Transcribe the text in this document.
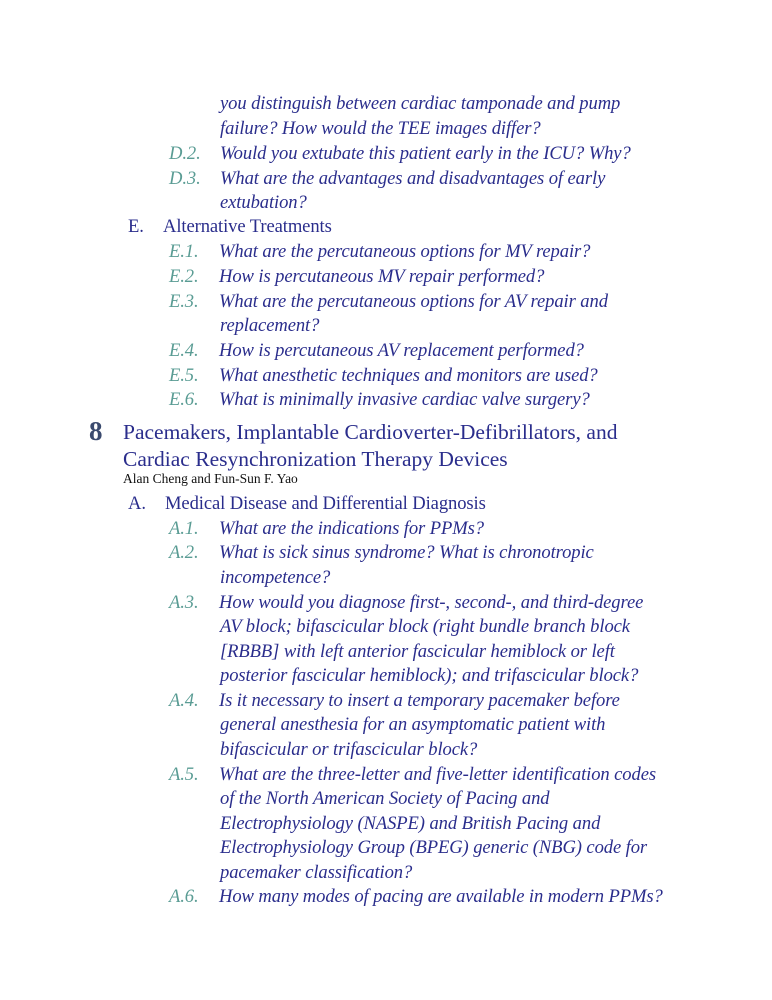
you distinguish between cardiac tamponade and pump
failure? How would the TEE images differ?
D.2. Would you extubate this patient early in the ICU? Why?
D.3. What are the advantages and disadvantages of early
extubation?
E. Alternative Treatments
E.1. What are the percutaneous options for MV repair?
E.2. How is percutaneous MV repair performed?
E.3. What are the percutaneous options for AV repair and
replacement?
E.4. How is percutaneous AV replacement performed?
E.5. What anesthetic techniques and monitors are used?
E.6. What is minimally invasive cardiac valve surgery?
8 Pacemakers, Implantable Cardioverter-Defibrillators, and
Cardiac Resynchronization Therapy Devices
Alan Cheng and Fun-Sun F. Yao
A. Medical Disease and Differential Diagnosis
A.1. What are the indications for PPMs?
A.2. What is sick sinus syndrome? What is chronotropic
incompetence?
A.3. How would you diagnose first-, second-, and third-degree
AV block; bifascicular block (right bundle branch block
[RBBB] with left anterior fascicular hemiblock or left
posterior fascicular hemiblock); and trifascicular block?
A.4. Is it necessary to insert a temporary pacemaker before
general anesthesia for an asymptomatic patient with
bifascicular or trifascicular block?
A.5. What are the three-letter and five-letter identification codes
of the North American Society of Pacing and
Electrophysiology (NASPE) and British Pacing and
Electrophysiology Group (BPEG) generic (NBG) code for
pacemaker classification?
A.6. How many modes of pacing are available in modern PPMs?
